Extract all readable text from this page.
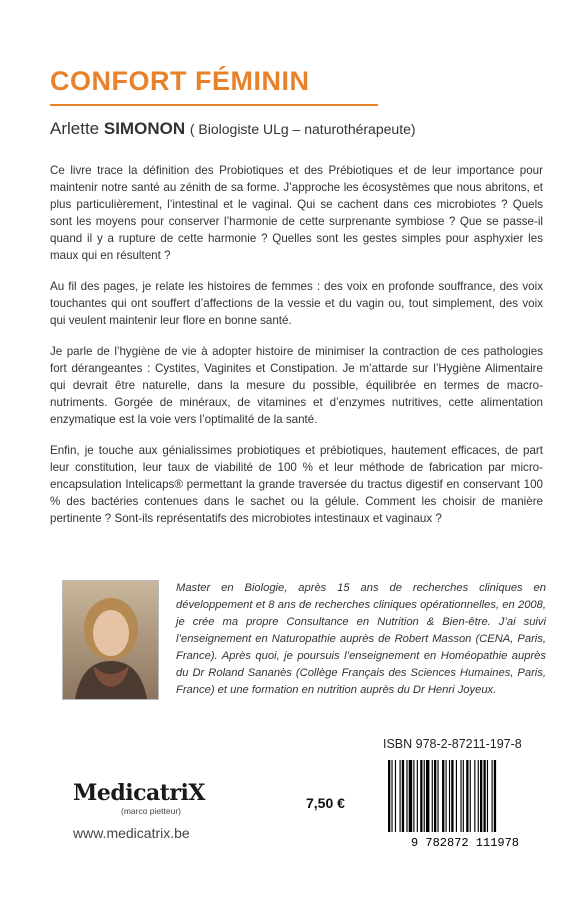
CONFORT FÉMININ
Arlette SIMONON ( Biologiste ULg – naturothérapeute)

Ce livre trace la définition des Probiotiques et des Prébiotiques et de leur importance pour maintenir notre santé au zénith de sa forme. J’approche les écosystèmes que nous abritons, et plus particulièrement, l’intestinal et le vaginal. Qui se cachent dans ces microbiotes ? Quels sont les moyens pour conserver l’harmonie de cette surprenante symbiose ? Que se passe-il quand il y a rupture de cette harmonie ? Quelles sont les gestes simples pour asphyxier les maux qui en résultent ?

Au fil des pages, je relate les histoires de femmes : des voix en profonde souffrance, des voix touchantes qui ont souffert d’affections de la vessie et du vagin ou, tout simplement, des voix qui veulent maintenir leur flore en bonne santé.

Je parle de l’hygiène de vie à adopter histoire de minimiser la contraction de ces pathologies fort dérangeantes : Cystites, Vaginites et Constipation. Je m’attarde sur l’Hygiène Alimentaire qui devrait être naturelle, dans la mesure du possible, équilibrée en termes de macro-nutriments. Gorgée de minéraux, de vitamines et d’enzymes nutritives, cette alimentation enzymatique est la voie vers l’optimalité de la santé.

Enfin, je touche aux génialissimes probiotiques et prébiotiques, hautement efficaces, de part leur constitution, leur taux de viabilité de 100 % et leur méthode de fabrication par micro-encapsulation Intelicaps® permettant la grande traversée du tractus digestif en conservant 100 % des bactéries contenues dans le sachet ou la gélule. Comment les choisir de manière pertinente ? Sont-ils représentatifs des microbiotes intestinaux et vaginaux ?

Master en Biologie, après 15 ans de recherches cliniques en développement et 8 ans de recherches cliniques opérationnelles, en 2008, je crée ma propre Consultance en Nutrition & Bien-être. J’ai suivi l’enseignement en Naturopathie auprès de Robert Masson (CENA, Paris, France). Après quoi, je poursuis l’enseignement en Homéopathie auprès du Dr Roland Sananès (Collège Français des Sciences Humaines, Paris, France) et une formation en nutrition auprès du Dr Henri Joyeux.
ISBN 978-2-87211-197-8
9 782872 111978
7,50 €
MedicatriX
(marco pietteur)
www.medicatrix.be
